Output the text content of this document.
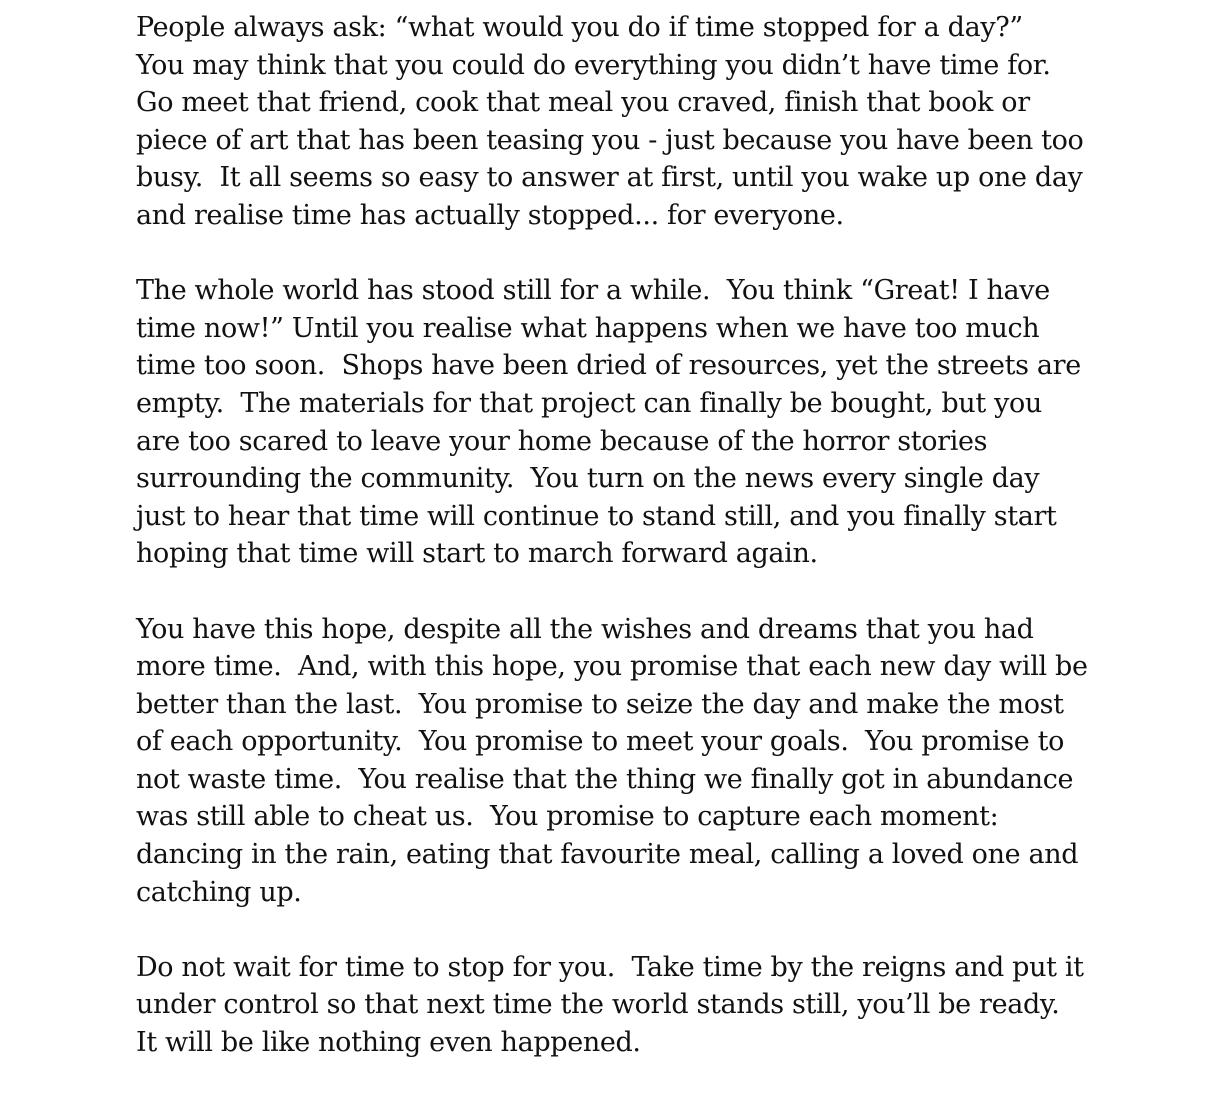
People always ask: “what would you do if time stopped for a day?”
You may think that you could do everything you didn’t have time for.
Go meet that friend, cook that meal you craved, finish that book or
piece of art that has been teasing you - just because you have been too
busy.  It all seems so easy to answer at first, until you wake up one day
and realise time has actually stopped... for everyone.

The whole world has stood still for a while.  You think “Great! I have
time now!” Until you realise what happens when we have too much
time too soon.  Shops have been dried of resources, yet the streets are
empty.  The materials for that project can finally be bought, but you
are too scared to leave your home because of the horror stories
surrounding the community.  You turn on the news every single day
just to hear that time will continue to stand still, and you finally start
hoping that time will start to march forward again.

You have this hope, despite all the wishes and dreams that you had
more time.  And, with this hope, you promise that each new day will be
better than the last.  You promise to seize the day and make the most
of each opportunity.  You promise to meet your goals.  You promise to
not waste time.  You realise that the thing we finally got in abundance
was still able to cheat us.  You promise to capture each moment:
dancing in the rain, eating that favourite meal, calling a loved one and
catching up.

Do not wait for time to stop for you.  Take time by the reigns and put it
under control so that next time the world stands still, you’ll be ready.
It will be like nothing even happened.
